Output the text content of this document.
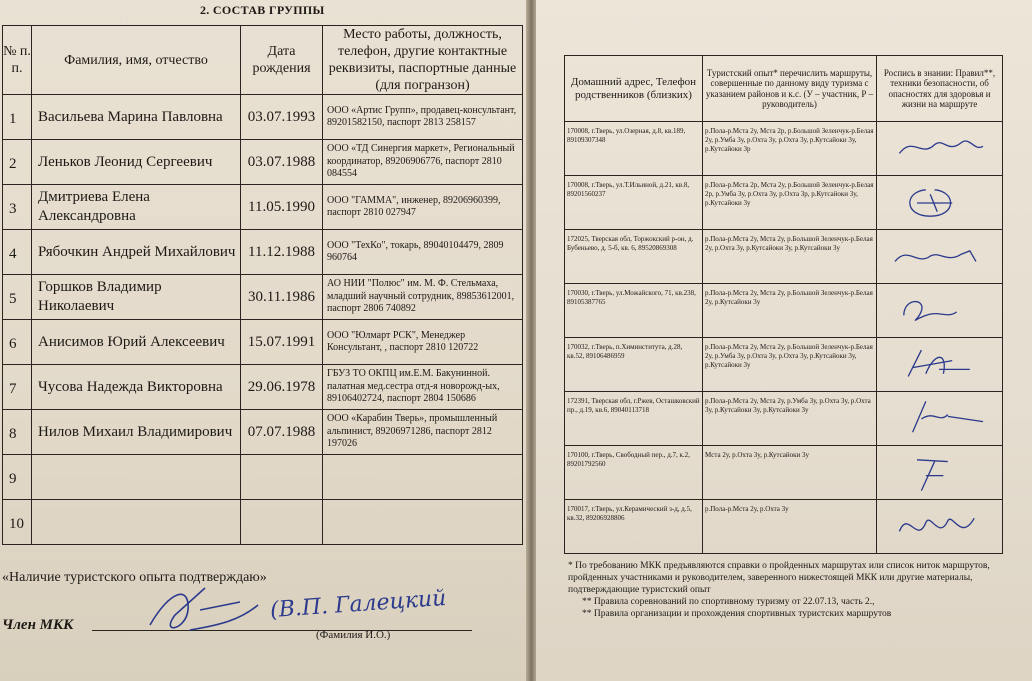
2. СОСТАВ ГРУППЫ
№ п. п.	Фамилия, имя, отчество	Дата рождения	Место работы, должность, телефон, другие контактные реквизиты, паспортные данные (для погранзон)
1	Васильева Марина Павловна	03.07.1993	ООО «Артис Групп», продавец-консультант, 89201582150, паспорт 2813 258157
2	Леньков Леонид Сергеевич	03.07.1988	ООО «ТД Синергия маркет», Региональный координатор, 89206906776, паспорт 2810 084554
3	Дмитриева Елена Александровна	11.05.1990	ООО "ГАММА", инженер, 89206960399, паспорт 2810 027947
4	Рябочкин Андрей Михайлович	11.12.1988	ООО "ТехКо", токарь, 89040104479, 2809 960764
5	Горшков Владимир Николаевич	30.11.1986	АО НИИ "Полюс" им. М. Ф. Стельмаха, младший научный сотрудник, 89853612001, паспорт 2806 740892
6	Анисимов Юрий Алексеевич	15.07.1991	ООО "Юлмарт РСК", Менеджер Консультант, , паспорт 2810 120722
7	Чусова Надежда Викторовна	29.06.1978	ГБУЗ ТО ОКПЦ им.Е.М. Бакунинной. палатная мед.сестра отд-я новорожд-ых, 89106402724, паспорт 2804 150686
8	Нилов Михаил Владимирович	07.07.1988	ООО «Карабин Тверь», промышленный альпинист, 89206971286, паспорт 2812 197026
9			
10			
«Наличие туристского опыта подтверждаю»
Член МКК
(В.П. Галецкий
(Фамилия И.О.)
Домашний адрес, Телефон родственников (близких)	Туристский опыт* перечислить маршруты, совершенные по данному виду туризма с указанием районов и к.с. (У – участник, Р – руководитель)	Роспись в знании: Правил**, техники безопасности, об опасностях для здоровья и жизни на маршруте
170008, г.Тверь, ул.Озерная, д.8, кв.189, 89109307348	р.Пола-р.Мста 2у, Мста 2р, р.Большой Зеленчук-р.Белая 2у, р.Умба 3у, р.Охта 3у, р.Охта 3у, р.Кутсайоки 3у, р.Кутсайоки 3р	
170008, г.Тверь, ул.Т.Ильиной, д.21, кв.8, 89201560237	р.Пола-р.Мста 2р, Мста 2у, р.Большой Зеленчук-р.Белая 2р, р.Умба 3у, р.Охта 3у, р.Охта 3р, р.Кутсайоки 3у, р.Кутсайоки 3у	
172025, Тверская обл, Торжокский р-он, д. Бубеньево, д. 5-б, кв. 6, 89520869308	р.Пола-р.Мста 2у, Мста 2у, р.Большой Зеленчук-р.Белая 2у, р.Охта 3у, р.Кутсайоки 3у, р.Кутсайоки 3у	
170030, г.Тверь, ул.Можайского, 71, кв.238, 89105387765	р.Пола-р.Мста 2у, Мста 2у, р.Большой Зеленчук-р.Белая 2у, р.Кутсайоки 3у	
170032, г.Тверь, п.Химинститута, д.28, кв.52, 89106486959	р.Пола-р.Мста 2у, Мста 2у, р.Большой Зеленчук-р.Белая 2у, р.Умба 3у, р.Охта 3у, р.Охта 3у, р.Кутсайоки 3у, р.Кутсайоки 3у	
172391, Тверская обл, г.Ржев, Осташковский пр., д.19, кв.6, 89040113718	р.Пола-р.Мста 2у, Мста 2у, р.Умба 3у, р.Охта 3у, р.Охта 3у, р.Кутсайоки 3у, р.Кутсайоки 3у	
170100, г.Тверь, Свободный пер., д.7, к.2, 89201792560	Мста 2у, р.Охта 3у, р.Кутсайоки 3у	
170017, г.Тверь, ул.Керамический з-д, д.5, кв.32, 89206928806	р.Пола-р.Мста 2у, р.Охта 3у	

* По требованию МКК предъявляются справки о пройденных маршрутах или список ниток маршрутов, пройденных участниками и руководителем, заверенного нижестоящей МКК или другие материалы, подтверждающие туристский опыт

** Правила соревнований по спортивному туризму от 22.07.13, часть 2.,

** Правила организации и прохождения спортивных туристских маршрутов
